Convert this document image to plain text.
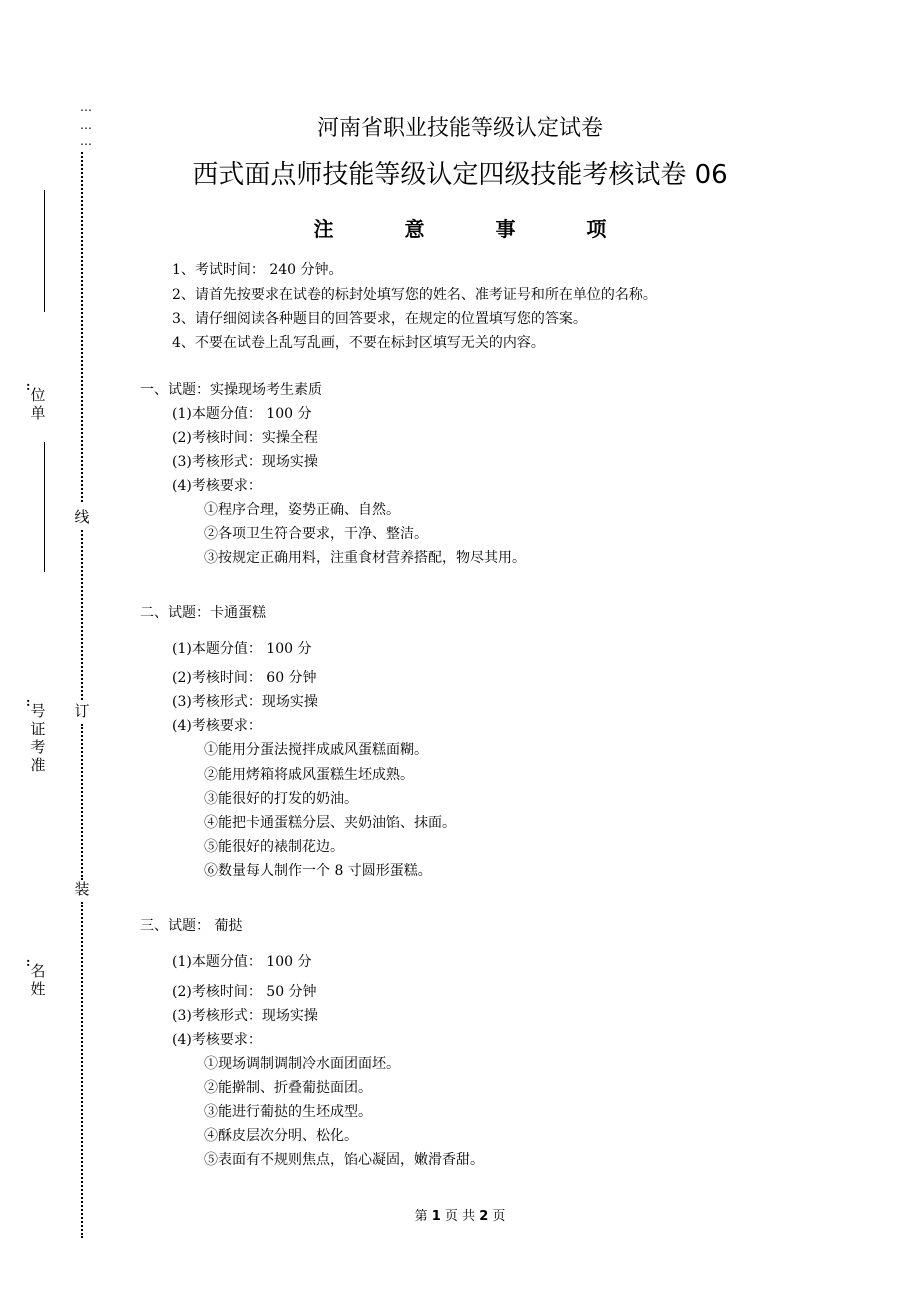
…
…
…
线
订
装
: 位
单
: 号
证
考
准
: 名
姓
河南省职业技能等级认定试卷
西式面点师技能等级认定四级技能考核试卷 06
注 意 事 项
1、考试时间： 240 分钟。
2、请首先按要求在试卷的标封处填写您的姓名、准考证号和所在单位的名称。
3、请仔细阅读各种题目的回答要求，在规定的位置填写您的答案。
4、不要在试卷上乱写乱画，不要在标封区填写无关的内容。
一、试题：实操现场考生素质
(1)本题分值： 100 分
(2)考核时间：实操全程
(3)考核形式：现场实操
(4)考核要求：
①程序合理，姿势正确、自然。
②各项卫生符合要求，干净、整洁。
③按规定正确用料，注重食材营养搭配，物尽其用。
二、试题：卡通蛋糕
(1)本题分值： 100 分
(2)考核时间： 60 分钟
(3)考核形式：现场实操
(4)考核要求：
①能用分蛋法搅拌成戚风蛋糕面糊。
②能用烤箱将戚风蛋糕生坯成熟。
③能很好的打发的奶油。
④能把卡通蛋糕分层、夹奶油馅、抹面。
⑤能很好的裱制花边。
⑥数量每人制作一个 8 寸圆形蛋糕。
三、试题： 葡挞
(1)本题分值： 100 分
(2)考核时间： 50 分钟
(3)考核形式：现场实操
(4)考核要求：
①现场调制调制冷水面团面坯。
②能擀制、折叠葡挞面团。
③能进行葡挞的生坯成型。
④酥皮层次分明、松化。
⑤表面有不规则焦点，馅心凝固，嫩滑香甜。
第 1 页 共 2 页
